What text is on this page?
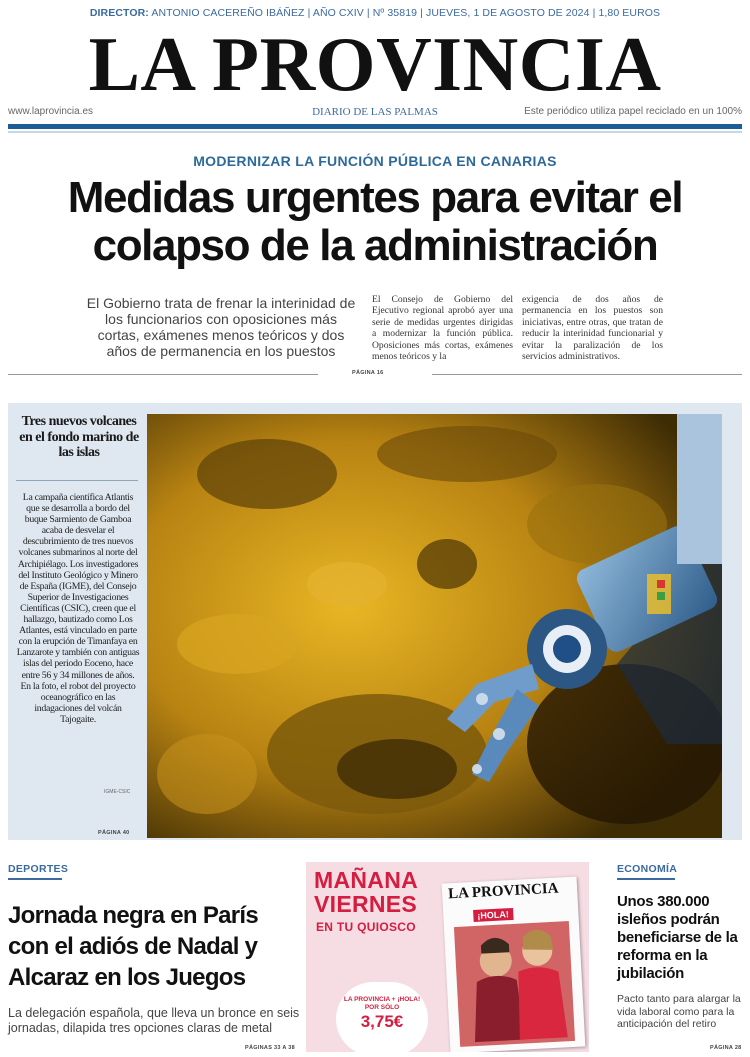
DIRECTOR: ANTONIO CACEREÑO IBÁÑEZ | AÑO CXIV | Nº 35819 | JUEVES, 1 DE AGOSTO DE 2024 | 1,80 EUROS
LA PROVINCIA
www.laprovincia.es	DIARIO DE LAS PALMAS	Este periódico utiliza papel reciclado en un 100%
MODERNIZAR LA FUNCIÓN PÚBLICA EN CANARIAS
Medidas urgentes para evitar el colapso de la administración
El Gobierno trata de frenar la interinidad de los funcionarios con oposiciones más cortas, exámenes menos teóricos y dos años de permanencia en los puestos
El Consejo de Gobierno del Ejecutivo regional aprobó ayer una serie de medidas urgentes dirigidas a modernizar la función pública. Oposiciones más cortas, exámenes menos teóricos y la
exigencia de dos años de permanencia en los puestos son iniciativas, entre otras, que tratan de reducir la interinidad funcionarial y evitar la paralización de los servicios administrativos.
PÁGINA 16
Tres nuevos volcanes en el fondo marino de las islas
La campaña científica Atlantis que se desarrolla a bordo del buque Sarmiento de Gamboa acaba de desvelar el descubrimiento de tres nuevos volcanes submarinos al norte del Archipiélago. Los investigadores del Instituto Geológico y Minero de España (IGME), del Consejo Superior de Investigaciones Científicas (CSIC), creen que el hallazgo, bautizado como Los Atlantes, está vinculado en parte con la erupción de Timanfaya en Lanzarote y también con antiguas islas del periodo Eoceno, hace entre 56 y 34 millones de años. En la foto, el robot del proyecto oceanográfico en las indagaciones del volcán Tajogaite.
IGME-CSIC
PÁGINA 40
DEPORTES
Jornada negra en París con el adiós de Nadal y Alcaraz en los Juegos
La delegación española, que lleva un bronce en seis jornadas, dilapida tres opciones claras de metal
PÁGINAS 33 A 38
MAÑANA
VIERNES
EN TU QUIOSCO
LA PROVINCIA
¡HOLA!
LA PROVINCIA + ¡HOLA! POR SÓLO
3,75€
ECONOMÍA
Unos 380.000 isleños podrán beneficiarse de la reforma en la jubilación
Pacto tanto para alargar la vida laboral como para la anticipación del retiro
PÁGINA 28
